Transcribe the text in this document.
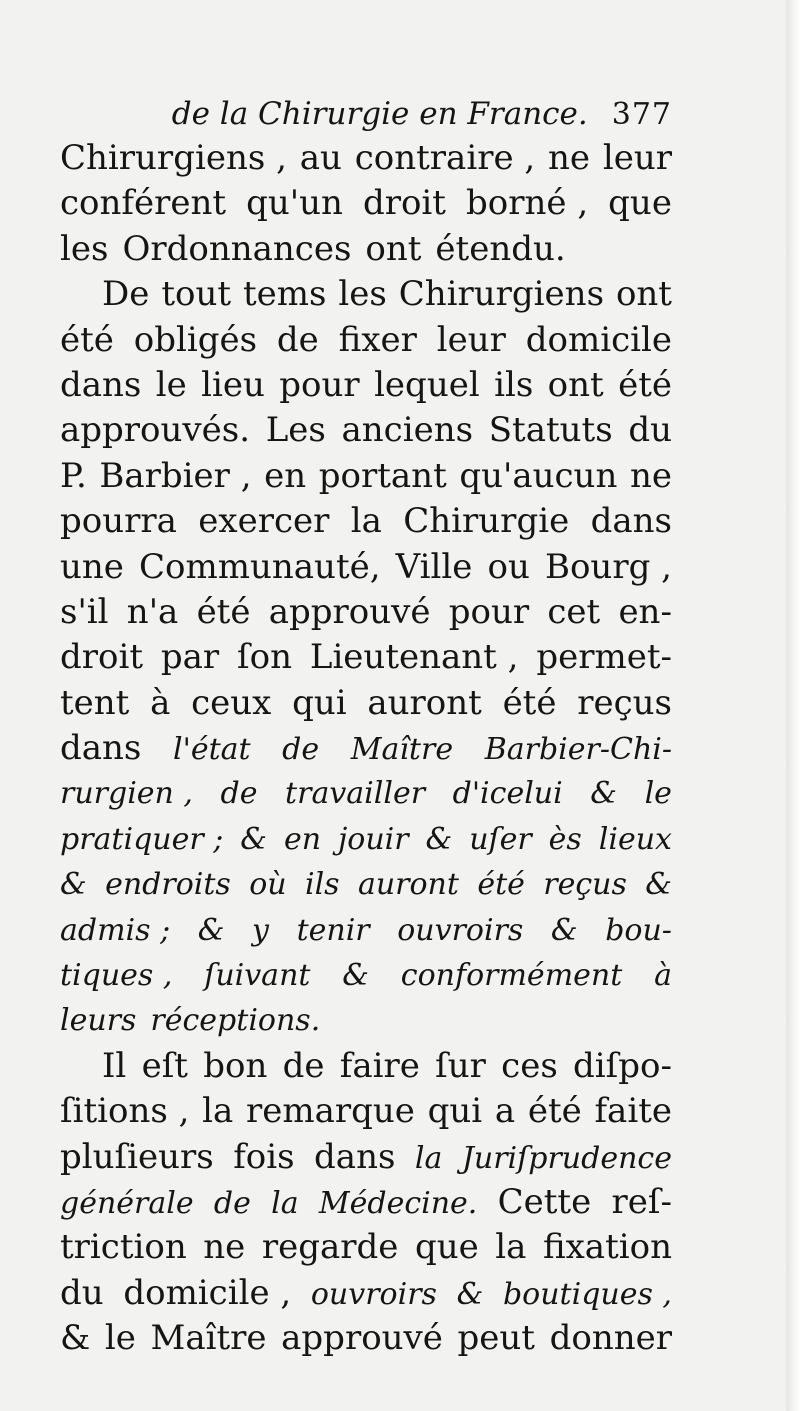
de la Chirurgie en France. 377
Chirurgiens , au contraire , ne leur
conférent qu'un droit borné , que
les Ordonnances ont étendu.
De tout tems les Chirurgiens ont
été obligés de fixer leur domicile
dans le lieu pour lequel ils ont été
approuvés. Les anciens Statuts du
P. Barbier , en portant qu'aucun ne
pourra exercer la Chirurgie dans
une Communauté, Ville ou Bourg ,
s'il n'a été approuvé pour cet en-
droit par ſon Lieutenant , permet-
tent à ceux qui auront été reçus
dans l'état de Maître Barbier-Chi-
rurgien , de travailler d'icelui & le
pratiquer ; & en jouir & uſer ès lieux
& endroits où ils auront été reçus &
admis ; & y tenir ouvroirs & bou-
tiques , ſuivant & conformément à
leurs réceptions.
Il eſt bon de faire ſur ces diſpo-
ſitions , la remarque qui a été faite
pluſieurs fois dans la Juriſprudence
générale de la Médecine. Cette reſ-
triction ne regarde que la fixation
du domicile , ouvroirs & boutiques ,
& le Maître approuvé peut donner
